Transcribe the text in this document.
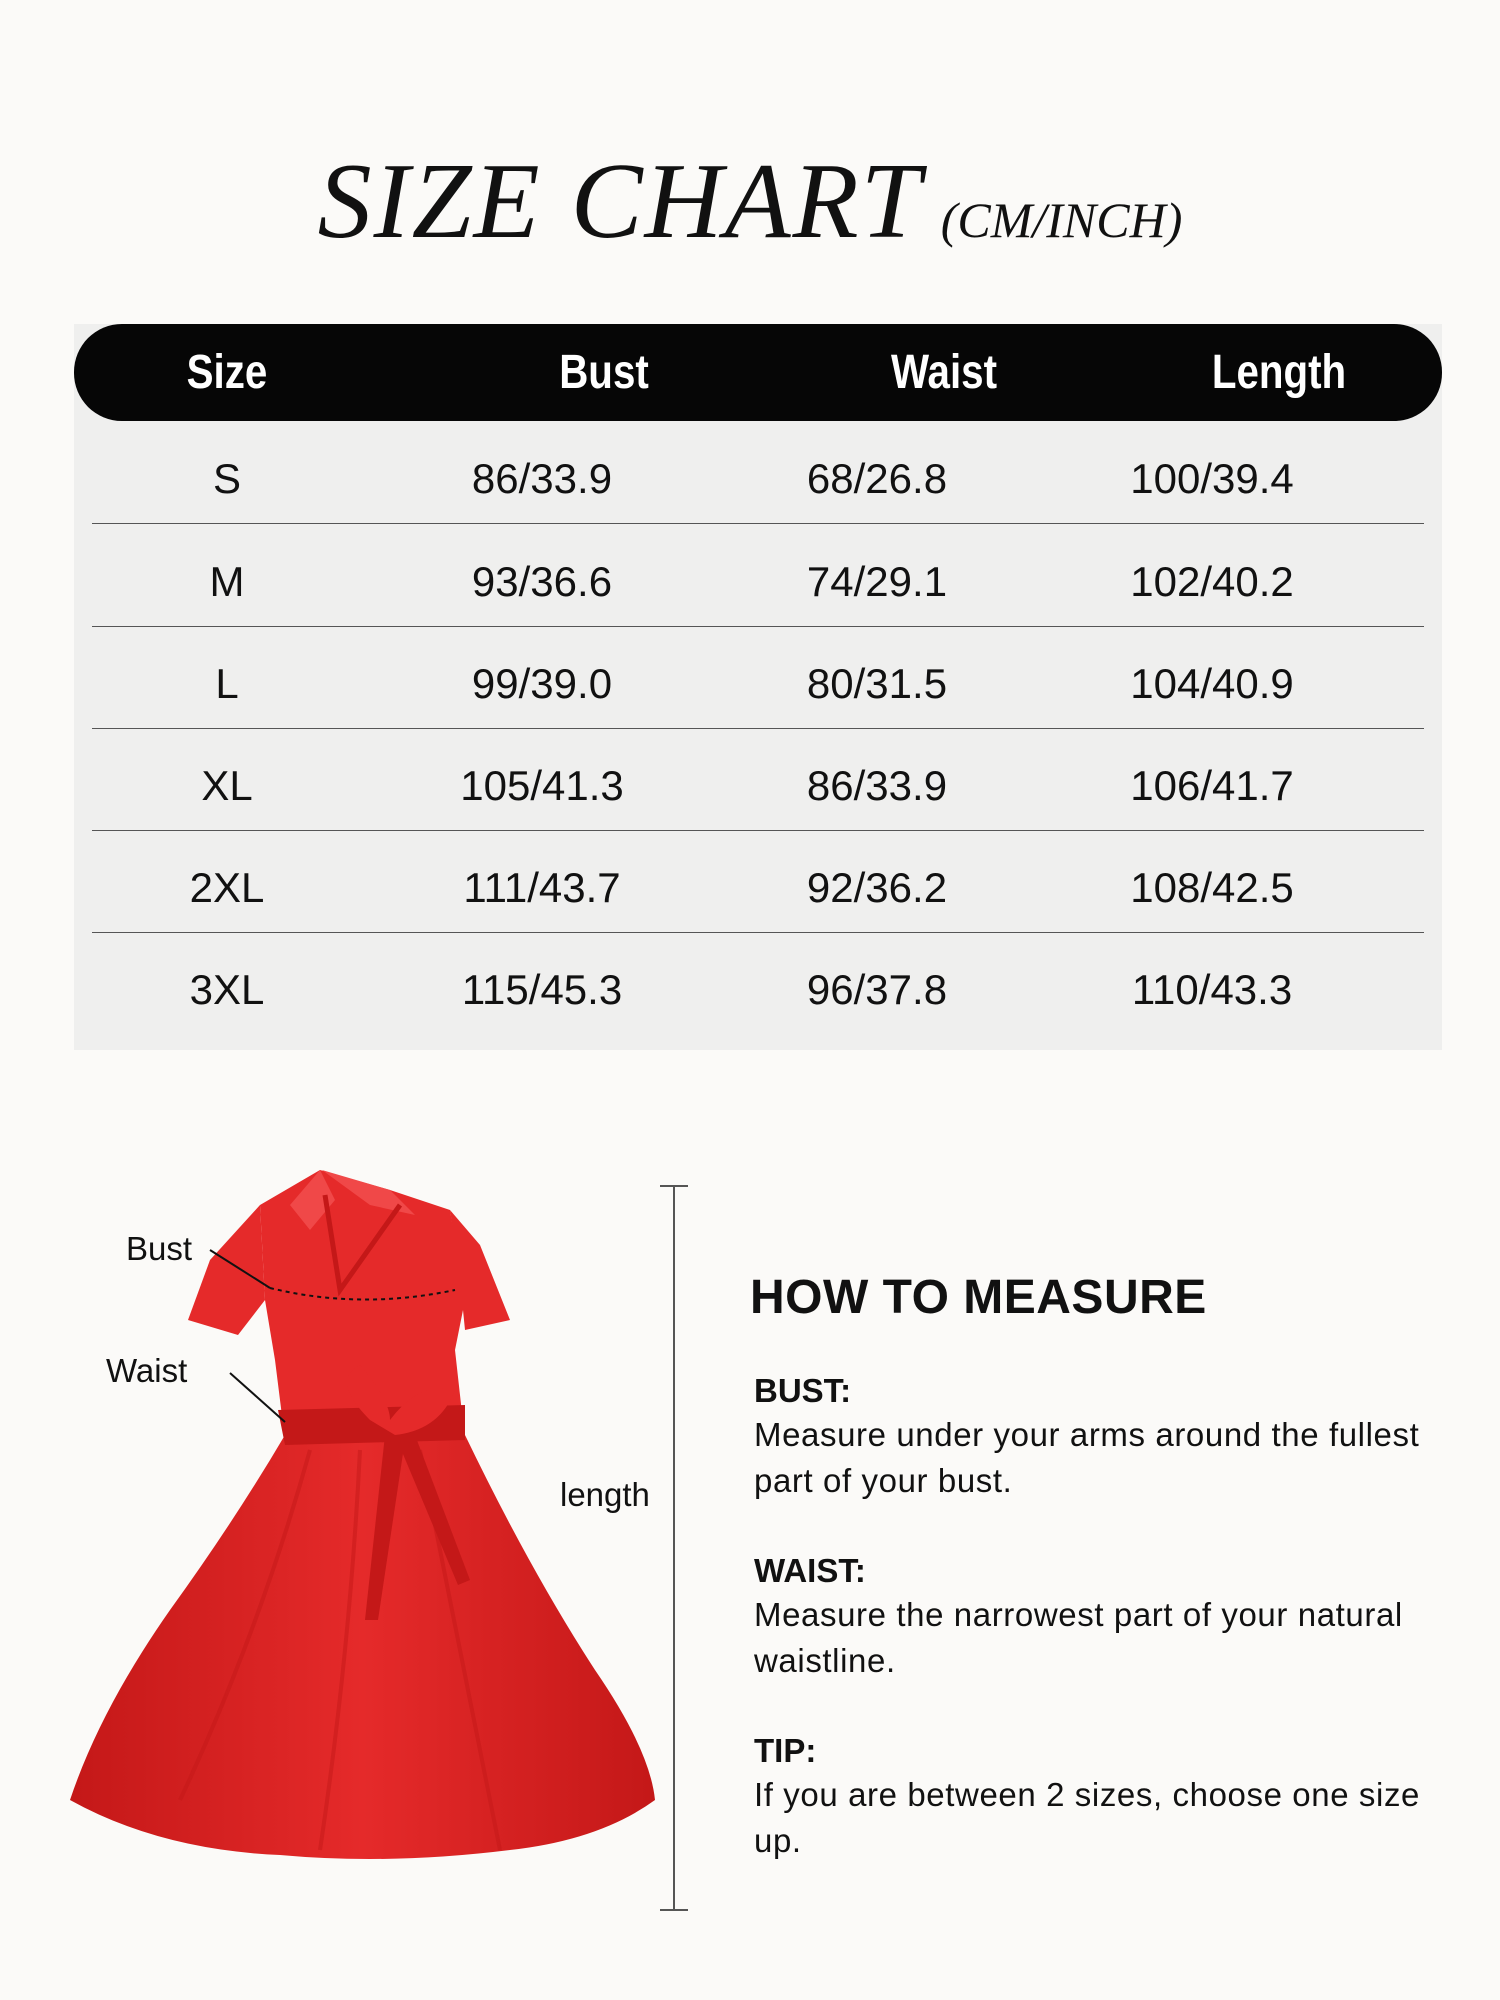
SIZE CHART (CM/INCH)
Size	Bust	Waist	Length
S	86/33.9	68/26.8	100/39.4
M	93/36.6	74/29.1	102/40.2
L	99/39.0	80/31.5	104/40.9
XL	105/41.3	86/33.9	106/41.7
2XL	111/43.7	92/36.2	108/42.5
3XL	115/45.3	96/37.8	110/43.3
Bust
Waist
length
HOW TO MEASURE
BUST:
Measure under your arms around the fullest part of your bust.
WAIST:
Measure the narrowest part of your natural waistline.
TIP:
If you are between 2 sizes, choose one size up.
